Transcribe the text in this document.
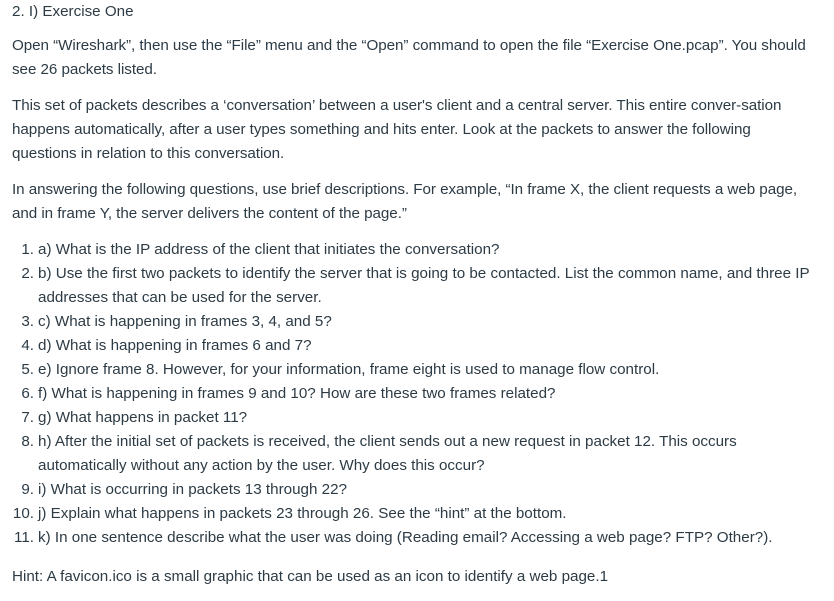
2. I) Exercise One
Open “Wireshark”, then use the “File” menu and the “Open” command to open the file “Exercise One.pcap”. You should see 26 packets listed.
This set of packets describes a ‘conversation’ between a user's client and a central server. This entire conver-sation happens automatically, after a user types something and hits enter. Look at the packets to answer the following questions in relation to this conversation.
In answering the following questions, use brief descriptions. For example, “In frame X, the client requests a web page, and in frame Y, the server delivers the content of the page.”
1. a) What is the IP address of the client that initiates the conversation?
2. b) Use the first two packets to identify the server that is going to be contacted. List the common name, and three IP addresses that can be used for the server.
3. c) What is happening in frames 3, 4, and 5?
4. d) What is happening in frames 6 and 7?
5. e) Ignore frame 8. However, for your information, frame eight is used to manage flow control.
6. f) What is happening in frames 9 and 10? How are these two frames related?
7. g) What happens in packet 11?
8. h) After the initial set of packets is received, the client sends out a new request in packet 12. This occurs automatically without any action by the user. Why does this occur?
9. i) What is occurring in packets 13 through 22?
10. j) Explain what happens in packets 23 through 26. See the “hint” at the bottom.
11. k) In one sentence describe what the user was doing (Reading email? Accessing a web page? FTP? Other?).
Hint: A favicon.ico is a small graphic that can be used as an icon to identify a web page.1
